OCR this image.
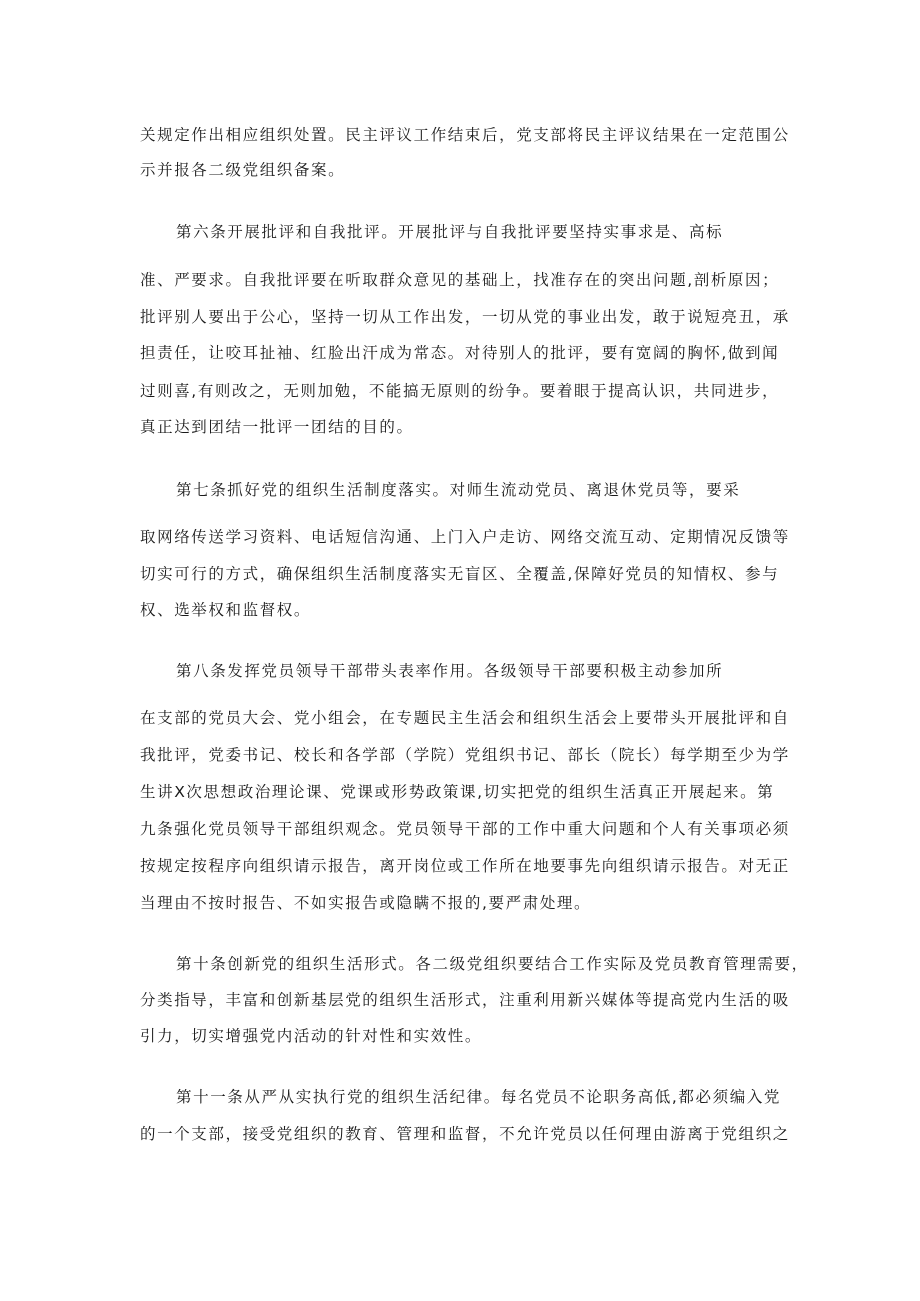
关规定作出相应组织处置。民主评议工作结束后，党支部将民主评议结果在一定范围公
示并报各二级党组织备案。
第六条开展批评和自我批评。开展批评与自我批评要坚持实事求是、高标
准、严要求。自我批评要在听取群众意见的基础上，找准存在的突出问题,剖析原因；
批评别人要出于公心，坚持一切从工作出发，一切从党的事业出发，敢于说短亮丑，承
担责任，让咬耳扯袖、红脸出汗成为常态。对待别人的批评，要有宽阔的胸怀,做到闻
过则喜,有则改之，无则加勉，不能搞无原则的纷争。要着眼于提高认识，共同进步，
真正达到团结一批评一团结的目的。
第七条抓好党的组织生活制度落实。对师生流动党员、离退休党员等，要采
取网络传送学习资料、电话短信沟通、上门入户走访、网络交流互动、定期情况反馈等
切实可行的方式，确保组织生活制度落实无盲区、全覆盖,保障好党员的知情权、参与
权、选举权和监督权。
第八条发挥党员领导干部带头表率作用。各级领导干部要积极主动参加所
在支部的党员大会、党小组会，在专题民主生活会和组织生活会上要带头开展批评和自
我批评，党委书记、校长和各学部（学院）党组织书记、部长（院长）每学期至少为学
生讲X次思想政治理论课、党课或形势政策课,切实把党的组织生活真正开展起来。第
九条强化党员领导干部组织观念。党员领导干部的工作中重大问题和个人有关事项必须
按规定按程序向组织请示报告，离开岗位或工作所在地要事先向组织请示报告。对无正
当理由不按时报告、不如实报告或隐瞒不报的,要严肃处理。
第十条创新党的组织生活形式。各二级党组织要结合工作实际及党员教育管理需要，
分类指导，丰富和创新基层党的组织生活形式，注重利用新兴媒体等提高党内生活的吸
引力，切实增强党内活动的针对性和实效性。
第十一条从严从实执行党的组织生活纪律。每名党员不论职务高低,都必须编入党
的一个支部，接受党组织的教育、管理和监督，不允许党员以任何理由游离于党组织之
